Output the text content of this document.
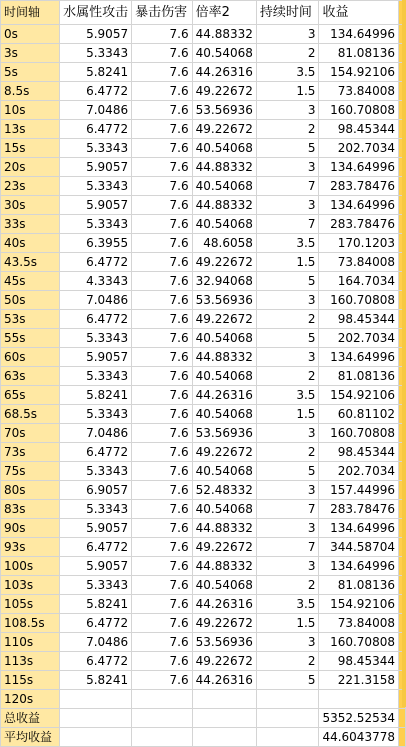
时间轴	水属性攻击	暴击伤害	倍率2	持续时间	收益	
0s	5.9057	7.6	44.88332	3	134.64996	
3s	5.3343	7.6	40.54068	2	81.08136	
5s	5.8241	7.6	44.26316	3.5	154.92106	
8.5s	6.4772	7.6	49.22672	1.5	73.84008	
10s	7.0486	7.6	53.56936	3	160.70808	
13s	6.4772	7.6	49.22672	2	98.45344	
15s	5.3343	7.6	40.54068	5	202.7034	
20s	5.9057	7.6	44.88332	3	134.64996	
23s	5.3343	7.6	40.54068	7	283.78476	
30s	5.9057	7.6	44.88332	3	134.64996	
33s	5.3343	7.6	40.54068	7	283.78476	
40s	6.3955	7.6	48.6058	3.5	170.1203	
43.5s	6.4772	7.6	49.22672	1.5	73.84008	
45s	4.3343	7.6	32.94068	5	164.7034	
50s	7.0486	7.6	53.56936	3	160.70808	
53s	6.4772	7.6	49.22672	2	98.45344	
55s	5.3343	7.6	40.54068	5	202.7034	
60s	5.9057	7.6	44.88332	3	134.64996	
63s	5.3343	7.6	40.54068	2	81.08136	
65s	5.8241	7.6	44.26316	3.5	154.92106	
68.5s	5.3343	7.6	40.54068	1.5	60.81102	
70s	7.0486	7.6	53.56936	3	160.70808	
73s	6.4772	7.6	49.22672	2	98.45344	
75s	5.3343	7.6	40.54068	5	202.7034	
80s	6.9057	7.6	52.48332	3	157.44996	
83s	5.3343	7.6	40.54068	7	283.78476	
90s	5.9057	7.6	44.88332	3	134.64996	
93s	6.4772	7.6	49.22672	7	344.58704	
100s	5.9057	7.6	44.88332	3	134.64996	
103s	5.3343	7.6	40.54068	2	81.08136	
105s	5.8241	7.6	44.26316	3.5	154.92106	
108.5s	6.4772	7.6	49.22672	1.5	73.84008	
110s	7.0486	7.6	53.56936	3	160.70808	
113s	6.4772	7.6	49.22672	2	98.45344	
115s	5.8241	7.6	44.26316	5	221.3158	
120s						
总收益					5352.52534	
平均收益					44.6043778	
